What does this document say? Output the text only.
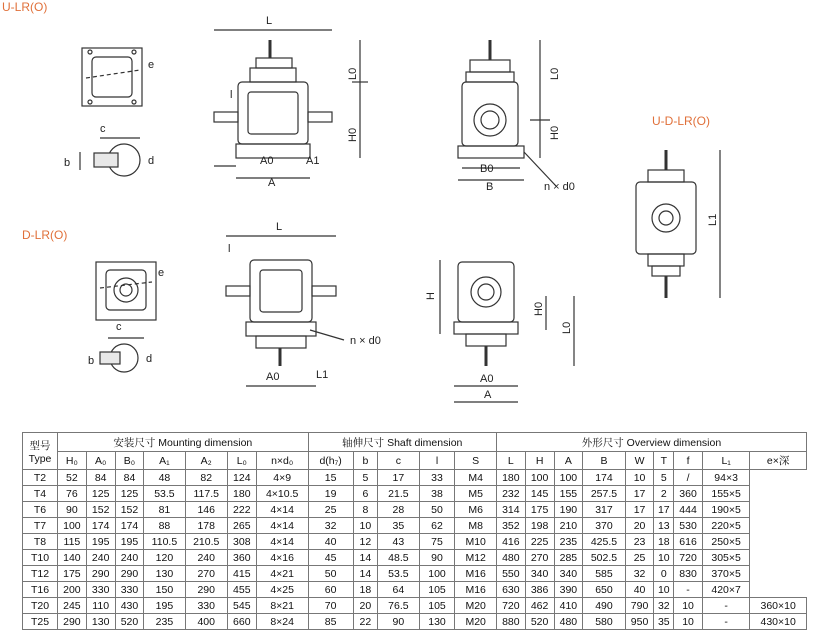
U-LR(O)
D-LR(O)
U-D-LR(O)
L
L0
H0
A0	A1
A
B0
B
L0
H0
n × d0
e
c
b	d
l
L
n × d0
A0	L1
l
e
c
b	d
H
H0
L0
A0
A
L1
型号
Type	安装尺寸 Mounting dimension							轴伸尺寸 Shaft dimension					外形尺寸 Overview dimension								
	H₀	A₀	B₀	A₁	A₂	L₀	n×d₀	d(h₇)	b	c	l	S	L	H	A	B	W	T	f	L₁	e×深
T2	52	84	84	48	82	124	4×9	15	5	17	33	M4	180	100	100	174	10	5	/	94×3	
T4	76	125	125	53.5	117.5	180	4×10.5	19	6	21.5	38	M5	232	145	155	257.5	17	2	360	155×5	
T6	90	152	152	81	146	222	4×14	25	8	28	50	M6	314	175	190	317	17	17	444	190×5	
T7	100	174	174	88	178	265	4×14	32	10	35	62	M8	352	198	210	370	20	13	530	220×5	
T8	115	195	195	110.5	210.5	308	4×14	40	12	43	75	M10	416	225	235	425.5	23	18	616	250×5	
T10	140	240	240	120	240	360	4×16	45	14	48.5	90	M12	480	270	285	502.5	25	10	720	305×5	
T12	175	290	290	130	270	415	4×21	50	14	53.5	100	M16	550	340	340	585	32	0	830	370×5	
T16	200	330	330	150	290	455	4×25	60	18	64	105	M16	630	386	390	650	40	10	-	420×7	
T20	245	110	430	195	330	545	8×21	70	20	76.5	105	M20	720	462	410	490	790	32	10	-	360×10
T25	290	130	520	235	400	660	8×24	85	22	90	130	M20	880	520	480	580	950	35	10	-	430×10
